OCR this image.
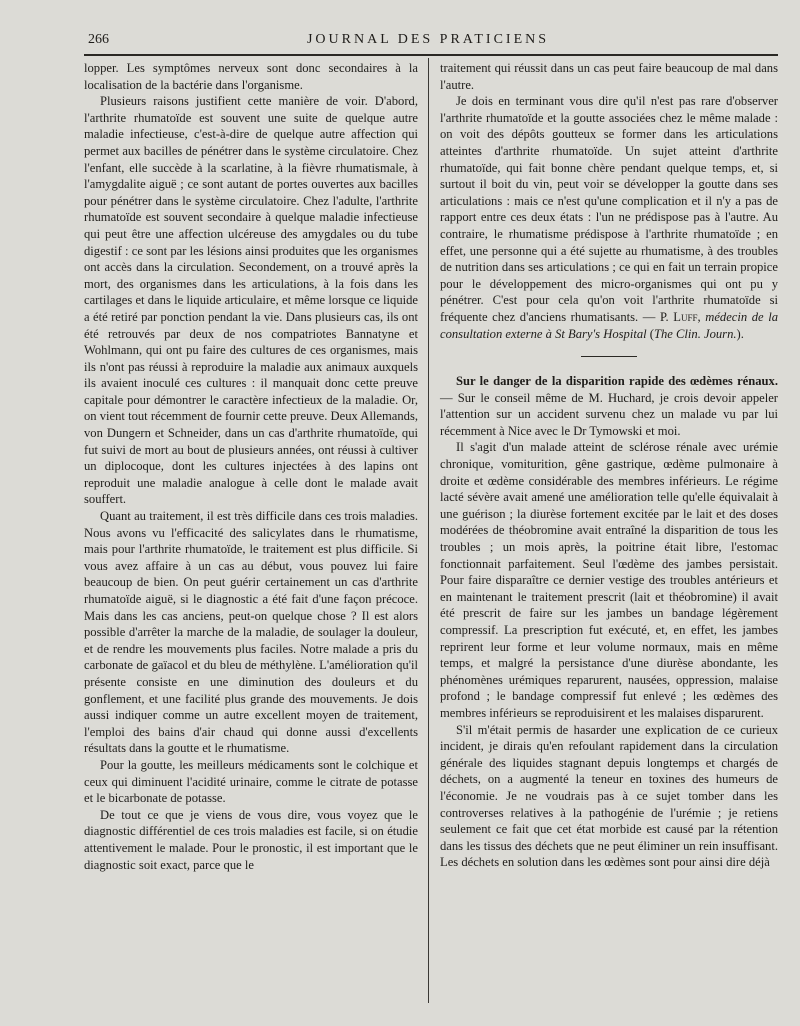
266	JOURNAL DES PRATICIENS

lopper. Les symptômes nerveux sont donc secondaires à la localisation de la bactérie dans l'organisme.

Plusieurs raisons justifient cette manière de voir. D'abord, l'arthrite rhumatoïde est souvent une suite de quelque autre maladie infectieuse, c'est-à-dire de quelque autre affection qui permet aux bacilles de pénétrer dans le système circulatoire. Chez l'enfant, elle succède à la scarlatine, à la fièvre rhumatismale, à l'amygdalite aiguë ; ce sont autant de portes ouvertes aux bacilles pour pénétrer dans le système circulatoire. Chez l'adulte, l'arthrite rhumatoïde est souvent secondaire à quelque maladie infectieuse qui peut être une affection ulcéreuse des amygdales ou du tube digestif : ce sont par les lésions ainsi produites que les organismes ont accès dans la circulation. Secondement, on a trouvé après la mort, des organismes dans les articulations, à la fois dans les cartilages et dans le liquide articulaire, et même lorsque ce liquide a été retiré par ponction pendant la vie. Dans plusieurs cas, ils ont été retrouvés par deux de nos compatriotes Bannatyne et Wohlmann, qui ont pu faire des cultures de ces organismes, mais ils n'ont pas réussi à reproduire la maladie aux animaux auxquels ils avaient inoculé ces cultures : il manquait donc cette preuve capitale pour démontrer le caractère infectieux de la maladie. Or, on vient tout récemment de fournir cette preuve. Deux Allemands, von Dungern et Schneider, dans un cas d'arthrite rhumatoïde, qui fut suivi de mort au bout de plusieurs années, ont réussi à cultiver un diplocoque, dont les cultures injectées à des lapins ont reproduit une maladie analogue à celle dont le malade avait souffert.

Quant au traitement, il est très difficile dans ces trois maladies. Nous avons vu l'efficacité des salicylates dans le rhumatisme, mais pour l'arthrite rhumatoïde, le traitement est plus difficile. Si vous avez affaire à un cas au début, vous pouvez lui faire beaucoup de bien. On peut guérir certainement un cas d'arthrite rhumatoïde aiguë, si le diagnostic a été fait d'une façon précoce. Mais dans les cas anciens, peut-on quelque chose ? Il est alors possible d'arrêter la marche de la maladie, de soulager la douleur, et de rendre les mouvements plus faciles. Notre malade a pris du carbonate de gaïacol et du bleu de méthylène. L'amélioration qu'il présente consiste en une diminution des douleurs et du gonflement, et une facilité plus grande des mouvements. Je dois aussi indiquer comme un autre excellent moyen de traitement, l'emploi des bains d'air chaud qui donne aussi d'excellents résultats dans la goutte et le rhumatisme.

Pour la goutte, les meilleurs médicaments sont le colchique et ceux qui diminuent l'acidité urinaire, comme le citrate de potasse et le bicarbonate de potasse.

De tout ce que je viens de vous dire, vous voyez que le diagnostic différentiel de ces trois maladies est facile, si on étudie attentivement le malade. Pour le pronostic, il est important que le diagnostic soit exact, parce que le

traitement qui réussit dans un cas peut faire beaucoup de mal dans l'autre.

Je dois en terminant vous dire qu'il n'est pas rare d'observer l'arthrite rhumatoïde et la goutte associées chez le même malade : on voit des dépôts goutteux se former dans les articulations atteintes d'arthrite rhumatoïde. Un sujet atteint d'arthrite rhumatoïde, qui fait bonne chère pendant quelque temps, et, si surtout il boit du vin, peut voir se développer la goutte dans ses articulations : mais ce n'est qu'une complication et il n'y a pas de rapport entre ces deux états : l'un ne prédispose pas à l'autre. Au contraire, le rhumatisme prédispose à l'arthrite rhumatoïde ; en effet, une personne qui a été sujette au rhumatisme, à des troubles de nutrition dans ses articulations ; ce qui en fait un terrain propice pour le développement des micro-organismes qui ont pu y pénétrer. C'est pour cela qu'on voit l'arthrite rhumatoïde si fréquente chez d'anciens rhumatisants. — P. Luff, médecin de la consultation externe à St Bary's Hospital (The Clin. Journ.).

Sur le danger de la disparition rapide des œdèmes rénaux. — Sur le conseil même de M. Huchard, je crois devoir appeler l'attention sur un accident survenu chez un malade vu par lui récemment à Nice avec le Dr Tymowski et moi.

Il s'agit d'un malade atteint de sclérose rénale avec urémie chronique, vomiturition, gêne gastrique, œdème pulmonaire à droite et œdème considérable des membres inférieurs. Le régime lacté sévère avait amené une amélioration telle qu'elle équivalait à une guérison ; la diurèse fortement excitée par le lait et des doses modérées de théobromine avait entraîné la disparition de tous les troubles ; un mois après, la poitrine était libre, l'estomac fonctionnait parfaitement. Seul l'œdème des jambes persistait. Pour faire disparaître ce dernier vestige des troubles antérieurs et en maintenant le traitement prescrit (lait et théobromine) il avait été prescrit de faire sur les jambes un bandage légèrement compressif. La prescription fut exécuté, et, en effet, les jambes reprirent leur forme et leur volume normaux, mais en même temps, et malgré la persistance d'une diurèse abondante, les phénomènes urémiques reparurent, nausées, oppression, malaise profond ; le bandage compressif fut enlevé ; les œdèmes des membres inférieurs se reproduisirent et les malaises disparurent.

S'il m'était permis de hasarder une explication de ce curieux incident, je dirais qu'en refoulant rapidement dans la circulation générale des liquides stagnant depuis longtemps et chargés de déchets, on a augmenté la teneur en toxines des humeurs de l'économie. Je ne voudrais pas à ce sujet tomber dans les controverses relatives à la pathogénie de l'urémie ; je retiens seulement ce fait que cet état morbide est causé par la rétention dans les tissus des déchets que ne peut éliminer un rein insuffisant. Les déchets en solution dans les œdèmes sont pour ainsi dire déjà
